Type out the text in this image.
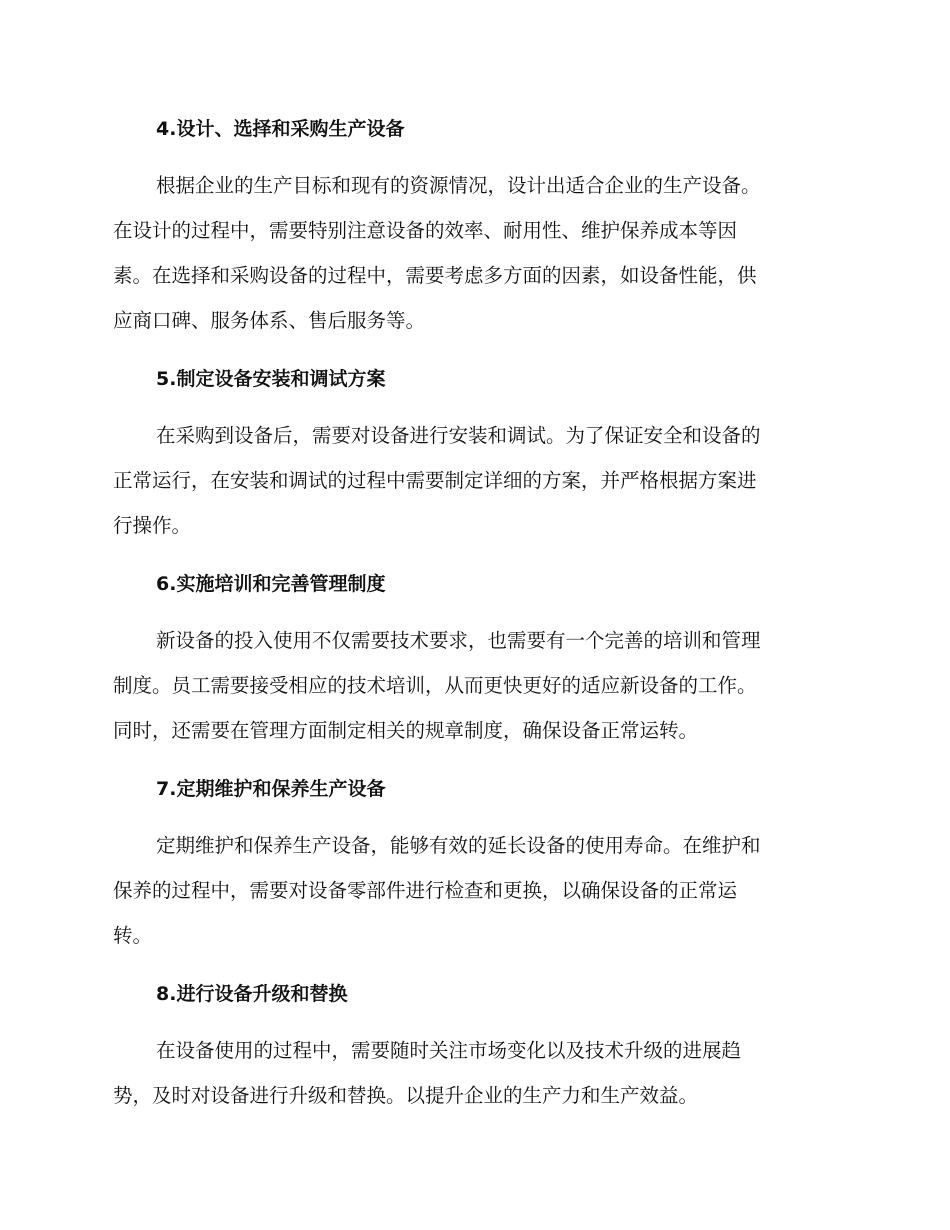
4.设计、选择和采购生产设备
根据企业的生产目标和现有的资源情况，设计出适合企业的生产设备。
在设计的过程中，需要特别注意设备的效率、耐用性、维护保养成本等因
素。在选择和采购设备的过程中，需要考虑多方面的因素，如设备性能，供
应商口碑、服务体系、售后服务等。
5.制定设备安装和调试方案
在采购到设备后，需要对设备进行安装和调试。为了保证安全和设备的
正常运行，在安装和调试的过程中需要制定详细的方案，并严格根据方案进
行操作。
6.实施培训和完善管理制度
新设备的投入使用不仅需要技术要求，也需要有一个完善的培训和管理
制度。员工需要接受相应的技术培训，从而更快更好的适应新设备的工作。
同时，还需要在管理方面制定相关的规章制度，确保设备正常运转。
7.定期维护和保养生产设备
定期维护和保养生产设备，能够有效的延长设备的使用寿命。在维护和
保养的过程中，需要对设备零部件进行检查和更换，以确保设备的正常运
转。
8.进行设备升级和替换
在设备使用的过程中，需要随时关注市场变化以及技术升级的进展趋
势，及时对设备进行升级和替换。以提升企业的生产力和生产效益。
